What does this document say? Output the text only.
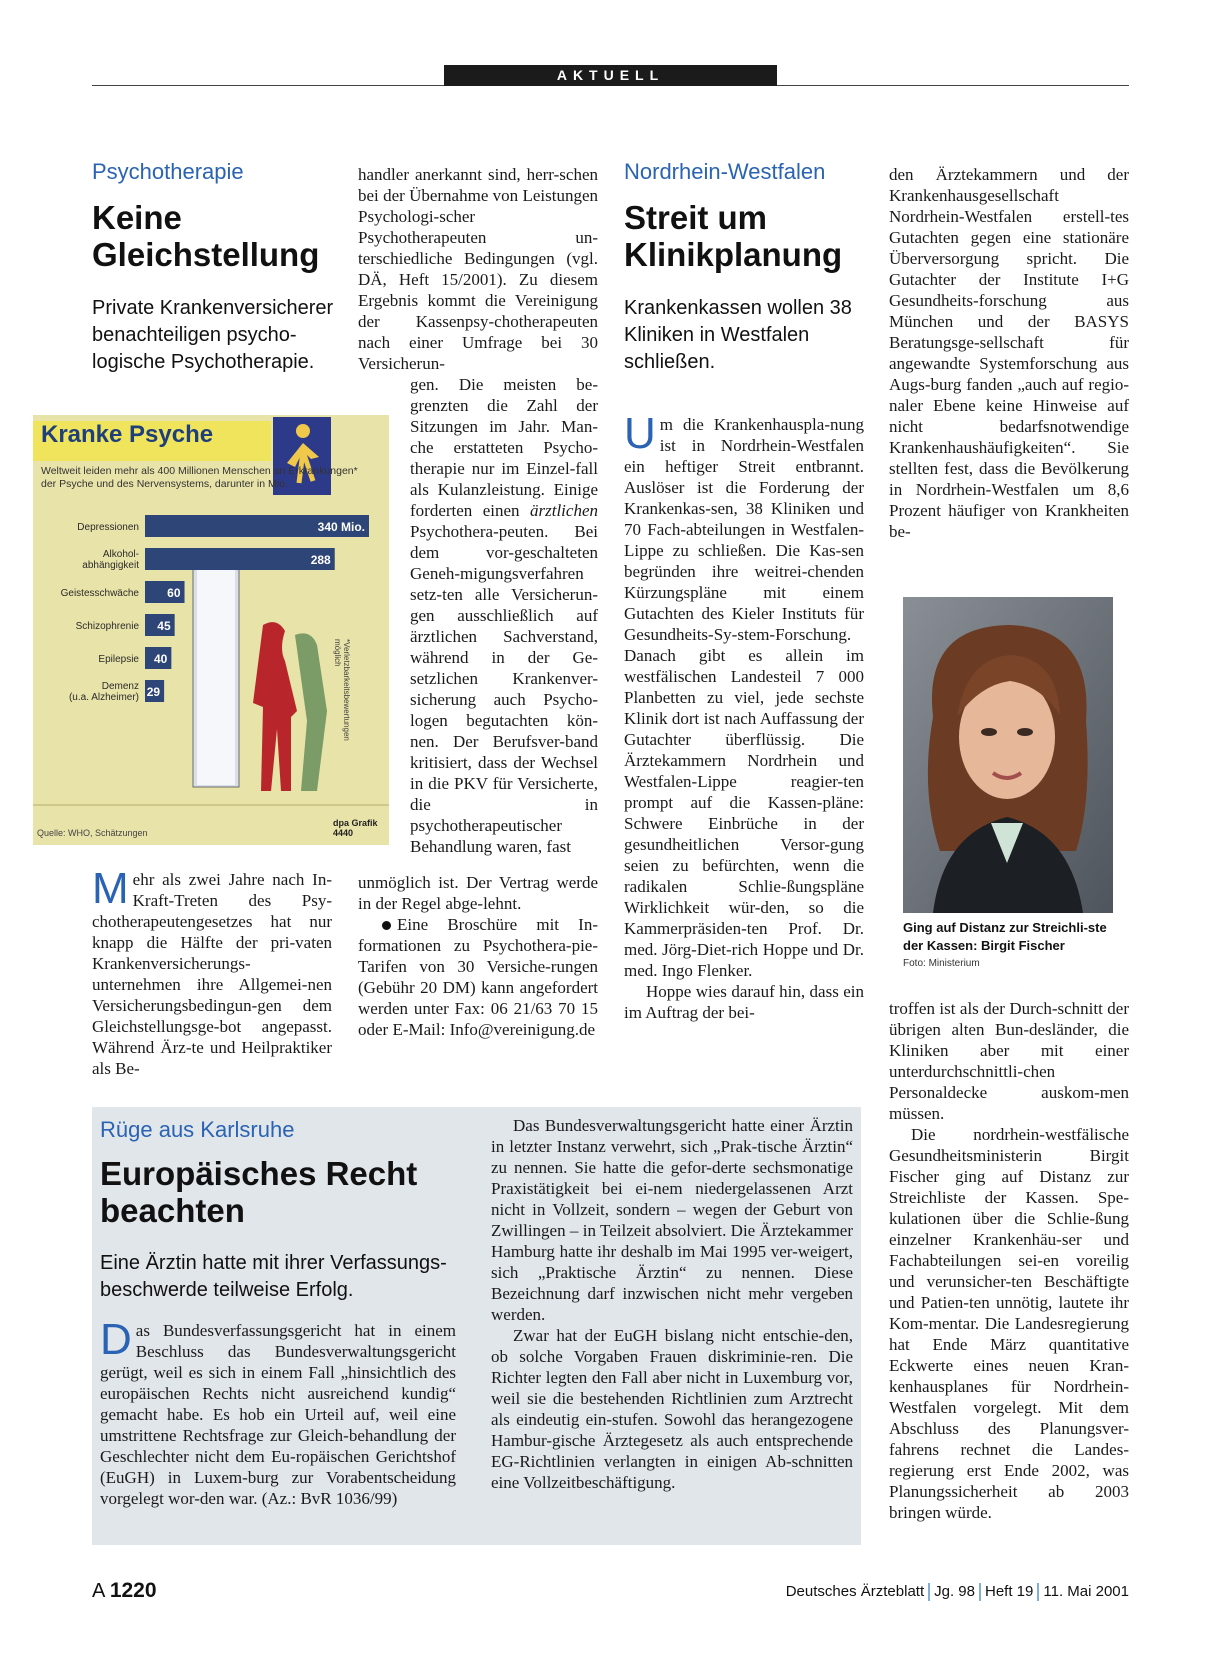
AKTUELL
Psychotherapie
Keine
Gleichstellung
Private Krankenversicherer benachteiligen psycho-logische Psychotherapie.
Kranke Psyche
Weltweit leiden mehr als 400 Millionen Menschen an Erkrankungen* der Psyche und des Nervensystems, darunter in Mio.
340 Mio.
Depressionen
288
Alkohol-
abhängigkeit
60
Geistesschwäche
45
Schizophrenie
40
Epilepsie
29
Demenz
(u.a. Alzheimer)
Quelle: WHO, Schätzungen
dpa Grafik 4440
*Verletzbarkeitsbewertungen möglich

Mehr als zwei Jahre nach In-Kraft-Treten des Psy-chotherapeutengesetzes hat nur knapp die Hälfte der pri-vaten Krankenversicherungs-unternehmen ihre Allgemei-nen Versicherungsbedingun-gen dem Gleichstellungsge-bot angepasst. Während Ärz-te und Heilpraktiker als Be-

handler anerkannt sind, herr-schen bei der Übernahme von Leistungen Psychologi-scher Psychotherapeuten un-terschiedliche Bedingungen (vgl. DÄ, Heft 15/2001). Zu diesem Ergebnis kommt die Vereinigung der Kassenpsy-chotherapeuten nach einer Umfrage bei 30 Versicherun-
gen. Die meisten be-grenzten die Zahl der Sitzungen im Jahr. Man-che erstatteten Psycho-therapie nur im Einzel-fall als Kulanzleistung. Einige forderten einen ärztlichen Psychothera-peuten. Bei dem vor-geschalteten Geneh-migungsverfahren setz-ten alle Versicherun-gen ausschließlich auf ärztlichen Sachverstand, während in der Ge-setzlichen Krankenver-sicherung auch Psycho-logen begutachten kön-nen. Der Berufsver-band kritisiert, dass der Wechsel in die PKV für Versicherte, die in psychotherapeutischer Behandlung waren, fast

unmöglich ist. Der Vertrag werde in der Regel abge-lehnt.

Eine Broschüre mit In-formationen zu Psychothera-pie-Tarifen von 30 Versiche-rungen (Gebühr 20 DM) kann angefordert werden unter Fax: 06 21/63 70 15 oder E-Mail: Info@vereinigung.de

Nordrhein-Westfalen
Streit um
Klinikplanung
Krankenkassen wollen 38 Kliniken in Westfalen schließen.

Um die Krankenhauspla-nung ist in Nordrhein-Westfalen ein heftiger Streit entbrannt. Auslöser ist die Forderung der Krankenkas-sen, 38 Kliniken und 70 Fach-abteilungen in Westfalen-Lippe zu schließen. Die Kas-sen begründen ihre weitrei-chenden Kürzungspläne mit einem Gutachten des Kieler Instituts für Gesundheits-Sy-stem-Forschung. Danach gibt es allein im westfälischen Landesteil 7 000 Planbetten zu viel, jede sechste Klinik dort ist nach Auffassung der Gutachter überflüssig. Die Ärztekammern Nordrhein und Westfalen-Lippe reagier-ten prompt auf die Kassen-pläne: Schwere Einbrüche in der gesundheitlichen Versor-gung seien zu befürchten, wenn die radikalen Schlie-ßungspläne Wirklichkeit wür-den, so die Kammerpräsiden-ten Prof. Dr. med. Jörg-Diet-rich Hoppe und Dr. med. Ingo Flenker.

Hoppe wies darauf hin, dass ein im Auftrag der bei-

den Ärztekammern und der Krankenhausgesellschaft Nordrhein-Westfalen erstell-tes Gutachten gegen eine stationäre Überversorgung spricht. Die Gutachter der Institute I+G Gesundheits-forschung aus München und der BASYS Beratungsge-sellschaft für angewandte Systemforschung aus Augs-burg fanden „auch auf regio-naler Ebene keine Hinweise auf nicht bedarfsnotwendige Krankenhaushäufigkeiten“. Sie stellten fest, dass die Bevölkerung in Nordrhein-Westfalen um 8,6 Prozent häufiger von Krankheiten be-
Ging auf Distanz zur Streichli-ste der Kassen: Birgit Fischer
Foto: Ministerium

troffen ist als der Durch-schnitt der übrigen alten Bun-desländer, die Kliniken aber mit einer unterdurchschnittli-chen Personaldecke auskom-men müssen.

Die nordrhein-westfälische Gesundheitsministerin Birgit Fischer ging auf Distanz zur Streichliste der Kassen. Spe-kulationen über die Schlie-ßung einzelner Krankenhäu-ser und Fachabteilungen sei-en voreilig und verunsicher-ten Beschäftigte und Patien-ten unnötig, lautete ihr Kom-mentar. Die Landesregierung hat Ende März quantitative Eckwerte eines neuen Kran-kenhausplanes für Nordrhein-Westfalen vorgelegt. Mit dem Abschluss des Planungsver-fahrens rechnet die Landes-regierung erst Ende 2002, was Planungssicherheit ab 2003 bringen würde.

Rüge aus Karlsruhe
Europäisches Recht
beachten
Eine Ärztin hatte mit ihrer Verfassungs-beschwerde teilweise Erfolg.

Das Bundesverfassungsgericht hat in einem Beschluss das Bundesverwaltungsgericht gerügt, weil es sich in einem Fall „hinsichtlich des europäischen Rechts nicht ausreichend kundig“ gemacht habe. Es hob ein Urteil auf, weil eine umstrittene Rechtsfrage zur Gleich-behandlung der Geschlechter nicht dem Eu-ropäischen Gerichtshof (EuGH) in Luxem-burg zur Vorabentscheidung vorgelegt wor-den war. (Az.: BvR 1036/99)

Das Bundesverwaltungsgericht hatte einer Ärztin in letzter Instanz verwehrt, sich „Prak-tische Ärztin“ zu nennen. Sie hatte die gefor-derte sechsmonatige Praxistätigkeit bei ei-nem niedergelassenen Arzt nicht in Vollzeit, sondern – wegen der Geburt von Zwillingen – in Teilzeit absolviert. Die Ärztekammer Hamburg hatte ihr deshalb im Mai 1995 ver-weigert, sich „Praktische Ärztin“ zu nennen. Diese Bezeichnung darf inzwischen nicht mehr vergeben werden.

Zwar hat der EuGH bislang nicht entschie-den, ob solche Vorgaben Frauen diskriminie-ren. Die Richter legten den Fall aber nicht in Luxemburg vor, weil sie die bestehenden Richtlinien zum Arztrecht als eindeutig ein-stufen. Sowohl das herangezogene Hambur-gische Ärztegesetz als auch entsprechende EG-Richtlinien verlangten in einigen Ab-schnitten eine Vollzeitbeschäftigung.

A 1220	Deutsches Ärzteblatt Jg. 98 Heft 19 11. Mai 2001
